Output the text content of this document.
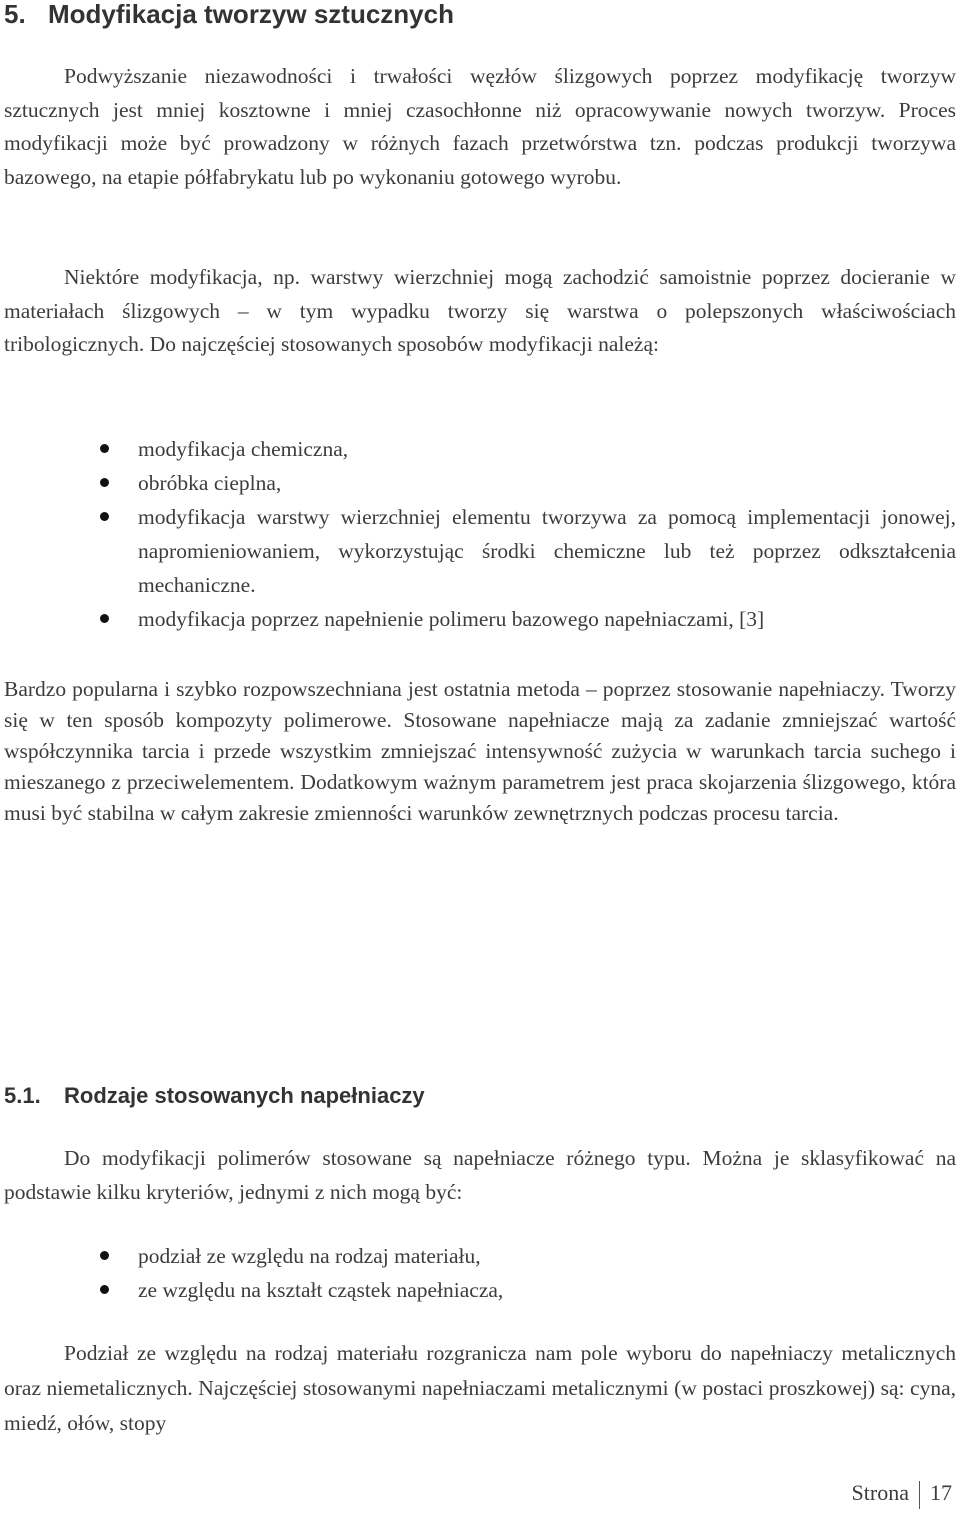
5. Modyfikacja tworzyw sztucznych

Podwyższanie niezawodności i trwałości węzłów ślizgowych poprzez modyfikację tworzyw sztucznych jest mniej kosztowne i mniej czasochłonne niż opracowywanie nowych tworzyw. Proces modyfikacji może być prowadzony w różnych fazach przetwórstwa tzn. podczas produkcji tworzywa bazowego, na etapie półfabrykatu lub po wykonaniu gotowego wyrobu.

Niektóre modyfikacja, np. warstwy wierzchniej mogą zachodzić samoistnie poprzez docieranie w materiałach ślizgowych – w tym wypadku tworzy się warstwa o polepszonych właściwościach tribologicznych. Do najczęściej stosowanych sposobów modyfikacji należą:

modyfikacja chemiczna,
obróbka cieplna,
modyfikacja warstwy wierzchniej elementu tworzywa za pomocą implementacji jonowej, napromieniowaniem, wykorzystując środki chemiczne lub też poprzez odkształcenia mechaniczne.
modyfikacja poprzez napełnienie polimeru bazowego napełniaczami, [3]

Bardzo popularna i szybko rozpowszechniana jest ostatnia metoda – poprzez stosowanie napełniaczy. Tworzy się w ten sposób kompozyty polimerowe. Stosowane napełniacze mają za zadanie zmniejszać wartość współczynnika tarcia i przede wszystkim zmniejszać intensywność zużycia w warunkach tarcia suchego i mieszanego z przeciwelementem. Dodatkowym ważnym parametrem jest praca skojarzenia ślizgowego, która musi być stabilna w całym zakresie zmienności warunków zewnętrznych podczas procesu tarcia.

5.1. Rodzaje stosowanych napełniaczy

Do modyfikacji polimerów stosowane są napełniacze różnego typu. Można je sklasyfikować na podstawie kilku kryteriów, jednymi z nich mogą być:

podział ze względu na rodzaj materiału,
ze względu na kształt cząstek napełniacza,

Podział ze względu na rodzaj materiału rozgranicza nam pole wyboru do napełniaczy metalicznych oraz niemetalicznych. Najczęściej stosowanymi napełniaczami metalicznymi (w postaci proszkowej) są: cyna, miedź, ołów, stopy

Strona 17
